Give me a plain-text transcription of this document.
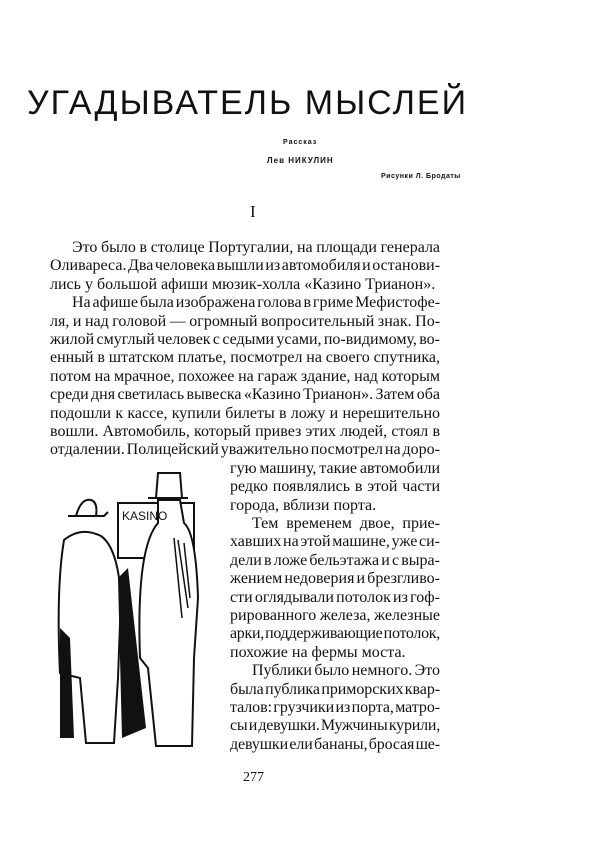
УГАДЫВАТЕЛЬ МЫСЛЕЙ
Рассказ
Лев НИКУЛИН
Рисунки Л. Бродаты
I
Это было в столице Португалии, на площади генерала
Оливареса. Два человека вышли из автомобиля и останови-
лись у большой афиши мюзик-холла «Казино Трианон».
На афише была изображена голова в гриме Мефистофе-
ля, и над головой — огромный вопросительный знак. По-
жилой смуглый человек с седыми усами, по-видимому, во-
енный в штатском платье, посмотрел на своего спутника,
потом на мрачное, похожее на гараж здание, над которым
среди дня светилась вывеска «Казино Трианон». Затем оба
подошли к кассе, купили билеты в ложу и нерешительно
вошли. Автомобиль, который привез этих людей, стоял в
отдалении. Полицейский уважительно посмотрел на доро-
гую машину, такие автомобили
редко появлялись в этой части
города, вблизи порта.
Тем временем двое, прие-
хавших на этой машине, уже си-
дели в ложе бельэтажа и с выра-
жением недоверия и брезгливо-
сти оглядывали потолок из гоф-
рированного железа, железные
арки, поддерживающие потолок,
похожие на фермы моста.
Публики было немного. Это
была публика приморских квар-
талов: грузчики из порта, матро-
сы и девушки. Мужчины курили,
девушки ели бананы, бросая ше-
KASINO
277
